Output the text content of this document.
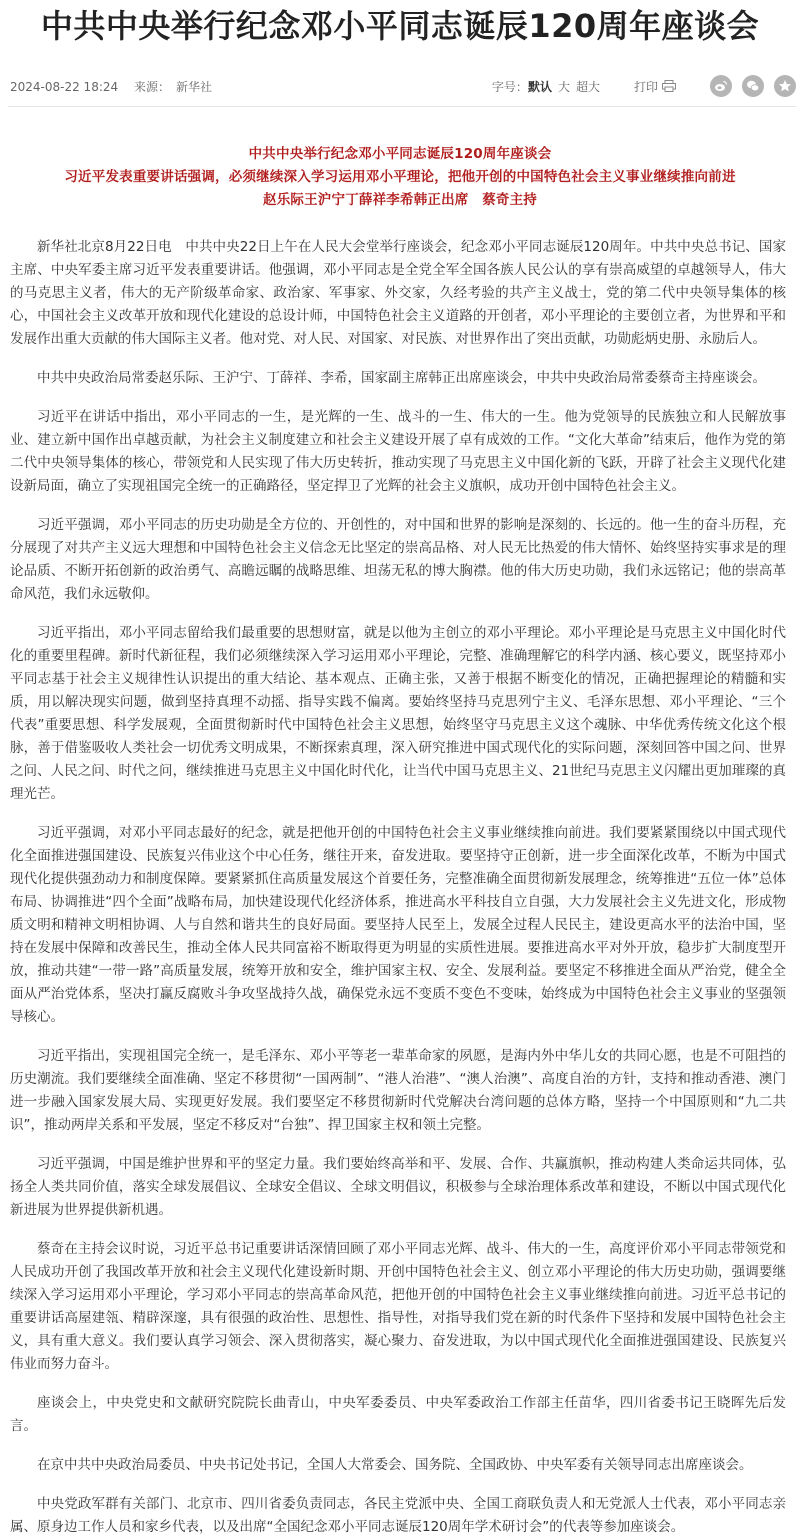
中共中央举行纪念邓小平同志诞辰120周年座谈会
2024-08-22 18:24 来源： 新华社	字号： 默认 大 超大	打印
中共中央举行纪念邓小平同志诞辰120周年座谈会
习近平发表重要讲话强调，必须继续深入学习运用邓小平理论，把他开创的中国特色社会主义事业继续推向前进
赵乐际王沪宁丁薛祥李希韩正出席　蔡奇主持

新华社北京8月22日电　中共中央22日上午在人民大会堂举行座谈会，纪念邓小平同志诞辰120周年。中共中央总书记、国家主席、中央军委主席习近平发表重要讲话。他强调，邓小平同志是全党全军全国各族人民公认的享有崇高威望的卓越领导人，伟大的马克思主义者，伟大的无产阶级革命家、政治家、军事家、外交家，久经考验的共产主义战士，党的第二代中央领导集体的核心，中国社会主义改革开放和现代化建设的总设计师，中国特色社会主义道路的开创者，邓小平理论的主要创立者，为世界和平和发展作出重大贡献的伟大国际主义者。他对党、对人民、对国家、对民族、对世界作出了突出贡献，功勋彪炳史册、永励后人。

中共中央政治局常委赵乐际、王沪宁、丁薛祥、李希，国家副主席韩正出席座谈会，中共中央政治局常委蔡奇主持座谈会。

习近平在讲话中指出，邓小平同志的一生，是光辉的一生、战斗的一生、伟大的一生。他为党领导的民族独立和人民解放事业、建立新中国作出卓越贡献，为社会主义制度建立和社会主义建设开展了卓有成效的工作。“文化大革命”结束后，他作为党的第二代中央领导集体的核心，带领党和人民实现了伟大历史转折，推动实现了马克思主义中国化新的飞跃，开辟了社会主义现代化建设新局面，确立了实现祖国完全统一的正确路径，坚定捍卫了光辉的社会主义旗帜，成功开创中国特色社会主义。

习近平强调，邓小平同志的历史功勋是全方位的、开创性的，对中国和世界的影响是深刻的、长远的。他一生的奋斗历程，充分展现了对共产主义远大理想和中国特色社会主义信念无比坚定的崇高品格、对人民无比热爱的伟大情怀、始终坚持实事求是的理论品质、不断开拓创新的政治勇气、高瞻远瞩的战略思维、坦荡无私的博大胸襟。他的伟大历史功勋，我们永远铭记；他的崇高革命风范，我们永远敬仰。

习近平指出，邓小平同志留给我们最重要的思想财富，就是以他为主创立的邓小平理论。邓小平理论是马克思主义中国化时代化的重要里程碑。新时代新征程，我们必须继续深入学习运用邓小平理论，完整、准确理解它的科学内涵、核心要义，既坚持邓小平同志基于社会主义规律性认识提出的重大结论、基本观点、正确主张，又善于根据不断变化的情况，正确把握理论的精髓和实质，用以解决现实问题，做到坚持真理不动摇、指导实践不偏离。要始终坚持马克思列宁主义、毛泽东思想、邓小平理论、“三个代表”重要思想、科学发展观，全面贯彻新时代中国特色社会主义思想，始终坚守马克思主义这个魂脉、中华优秀传统文化这个根脉，善于借鉴吸收人类社会一切优秀文明成果，不断探索真理，深入研究推进中国式现代化的实际问题，深刻回答中国之问、世界之问、人民之问、时代之问，继续推进马克思主义中国化时代化，让当代中国马克思主义、21世纪马克思主义闪耀出更加璀璨的真理光芒。

习近平强调，对邓小平同志最好的纪念，就是把他开创的中国特色社会主义事业继续推向前进。我们要紧紧围绕以中国式现代化全面推进强国建设、民族复兴伟业这个中心任务，继往开来，奋发进取。要坚持守正创新，进一步全面深化改革，不断为中国式现代化提供强劲动力和制度保障。要紧紧抓住高质量发展这个首要任务，完整准确全面贯彻新发展理念，统筹推进“五位一体”总体布局、协调推进“四个全面”战略布局，加快建设现代化经济体系，推进高水平科技自立自强，大力发展社会主义先进文化，形成物质文明和精神文明相协调、人与自然和谐共生的良好局面。要坚持人民至上，发展全过程人民民主，建设更高水平的法治中国，坚持在发展中保障和改善民生，推动全体人民共同富裕不断取得更为明显的实质性进展。要推进高水平对外开放，稳步扩大制度型开放，推动共建“一带一路”高质量发展，统筹开放和安全，维护国家主权、安全、发展利益。要坚定不移推进全面从严治党，健全全面从严治党体系，坚决打赢反腐败斗争攻坚战持久战，确保党永远不变质不变色不变味，始终成为中国特色社会主义事业的坚强领导核心。

习近平指出，实现祖国完全统一，是毛泽东、邓小平等老一辈革命家的夙愿，是海内外中华儿女的共同心愿，也是不可阻挡的历史潮流。我们要继续全面准确、坚定不移贯彻“一国两制”、“港人治港”、“澳人治澳”、高度自治的方针，支持和推动香港、澳门进一步融入国家发展大局、实现更好发展。我们要坚定不移贯彻新时代党解决台湾问题的总体方略，坚持一个中国原则和“九二共识”，推动两岸关系和平发展，坚定不移反对“台独”、捍卫国家主权和领土完整。

习近平强调，中国是维护世界和平的坚定力量。我们要始终高举和平、发展、合作、共赢旗帜，推动构建人类命运共同体，弘扬全人类共同价值，落实全球发展倡议、全球安全倡议、全球文明倡议，积极参与全球治理体系改革和建设，不断以中国式现代化新进展为世界提供新机遇。

蔡奇在主持会议时说，习近平总书记重要讲话深情回顾了邓小平同志光辉、战斗、伟大的一生，高度评价邓小平同志带领党和人民成功开创了我国改革开放和社会主义现代化建设新时期、开创中国特色社会主义、创立邓小平理论的伟大历史功勋，强调要继续深入学习运用邓小平理论，学习邓小平同志的崇高革命风范，把他开创的中国特色社会主义事业继续推向前进。习近平总书记的重要讲话高屋建瓴、精辟深邃，具有很强的政治性、思想性、指导性，对指导我们党在新的时代条件下坚持和发展中国特色社会主义，具有重大意义。我们要认真学习领会、深入贯彻落实，凝心聚力、奋发进取，为以中国式现代化全面推进强国建设、民族复兴伟业而努力奋斗。

座谈会上，中央党史和文献研究院院长曲青山，中央军委委员、中央军委政治工作部主任苗华，四川省委书记王晓晖先后发言。

在京中共中央政治局委员、中央书记处书记，全国人大常委会、国务院、全国政协、中央军委有关领导同志出席座谈会。

中央党政军群有关部门、北京市、四川省委负责同志，各民主党派中央、全国工商联负责人和无党派人士代表，邓小平同志亲属、原身边工作人员和家乡代表，以及出席“全国纪念邓小平同志诞辰120周年学术研讨会”的代表等参加座谈会。
